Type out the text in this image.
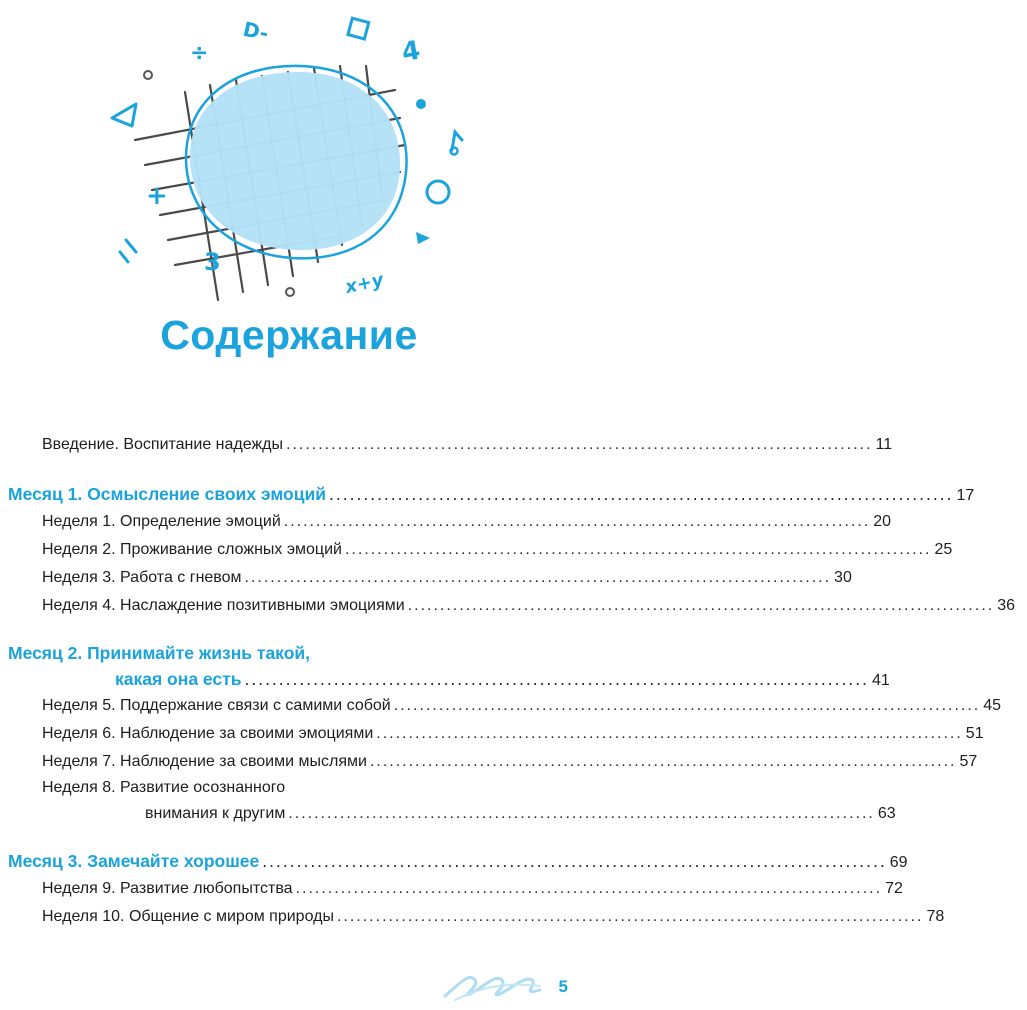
÷
+
4
3
x+y
D-
Содержание
Введение. Воспитание надежды ........................................................................................... 11
Месяц 1. Осмысление своих эмоций ........................................................................................... 17
Неделя 1. Определение эмоций ........................................................................................... 20
Неделя 2. Проживание сложных эмоций ........................................................................................... 25
Неделя 3. Работа с гневом ........................................................................................... 30
Неделя 4. Наслаждение позитивными эмоциями ........................................................................................... 36
Месяц 2. Принимайте жизнь такой,
какая она есть ........................................................................................... 41
Неделя 5. Поддержание связи с самими собой ........................................................................................... 45
Неделя 6. Наблюдение за своими эмоциями ........................................................................................... 51
Неделя 7. Наблюдение за своими мыслями ........................................................................................... 57
Неделя 8. Развитие осознанного
внимания к другим ........................................................................................... 63
Месяц 3. Замечайте хорошее ........................................................................................... 69
Неделя 9. Развитие любопытства ........................................................................................... 72
Неделя 10. Общение с миром природы ........................................................................................... 78
5
